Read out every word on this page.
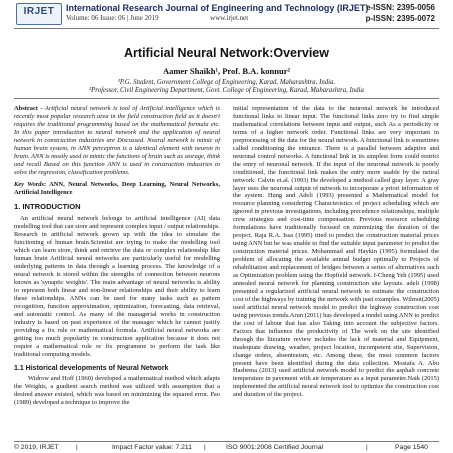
IRJET	International Research Journal of Engineering and Technology (IRJET)
Volume: 06 Issue: 06 | June 2019	www.irjet.net
e-ISSN: 2395-0056
p-ISSN: 2395-0072
Artificial Neural Network:Overview
Aamer Shaikh¹, Prof. B.A. konnur²
¹P.G. Student, Government College of Engineering, Karad, Maharashtra, India.
²Professor, Civil Engineering Department, Govt. College of Engineering, Karad, Maharashtra, India

Abstract - Artificial neural network is tool of Artificial intelligence which is recently most popular research area in the field construction field as it doesn't requires the traditional programming based on the mathematical formula etc. In this paper introduction to neural network and the application of neural network in construction industries are Discussed. Neural network is mimic of human brain system, in ANN perceptron is a identical element with neuron in brain. ANN is mostly used to mimic the functions of brain such as storage, think and recall Based on this function ANN is used in construction industries to solve the regression, classification problems.

Key Words: ANN, Neural Networks, Deep Learning, Neural Networks, Artificial Intelligence

1. INTRODUCTION

An artificial neural network belongs to artificial intelligence (AI) data modelling tool that can store and represent complex input / output relationships. Research in artificial network grown up with the idea to simulate the functioning of human brain.Scientist are trying to make the modelling tool which can learn store, think and retrieve the data or complex relationship like human brain Artificial neural networks are particularly useful for modelling underlying patterns in data through a learning process. The knowledge of a neural network is stored within the strengths of connection between neurons known as 'synaptic weights'. The main advantage of neural networks is ability to represent both linear and non-linear relationships and their ability to learn these relationships. ANNs can be used for many tasks such as pattern recognition, function approximation, optimization, forecasting, data retrieval, and automatic control. As many of the managerial works in construction industry is based on past experience of the manager which he cannot justify providing a fix rule or mathematical formula. Artificial neural networks are getting too much popularity in construction application because it does not require a mathematical rule or fix programme to perform the task like traditional computing models.

1.1 Historical developments of Neural Network

Widrow and Hoff (1960) developed a mathematical method which adapts the Weights, a gradient search method was utilized with assumption that a desired answer existed, which was based on minimizing the squared error. Pao (1989) developed a technique to improve the

initial representation of the data to the neuronal network he introduced functional links to linear input. The functional links zero try to find simple mathematical correlations between input and output, such As a periodicity or terms of a higher network order. Functional links are very important in preprocessing of the data for the neural network. A functional link is sometimes called conditioning the entrance. There is a parallel between adaptive and neuronal control networks. A functional link in its simplest form could restrict the entry of neuronal network. If the input of the neuronal network is poorly conditioned, the functional link makes the entry more usable by the neural network. Calvin et.al. (1993) He developed a method called gray layer. A gray layer uses the neuronal output of network to incorporate a priori information of the system. Hung and Adeli (1993) presented a Mathematical model for resource planning considering Characteristics of project scheduling which are ignored in previous investigations, including precedence relationships, multiple crew strategies and cost-time compensation. Previous resource scheduling formulations have traditionally focused on minimizing the duration of the project. Raja R.A. Issa (1995) tried to predict the construction material prices using ANN but he was unable to find the suitable input parameter to predict the construction material prices. Mohammad and Haykin (1995) formulated the problem of allocating the available annual budget optimally to Projects of rehabilitation and replacement of bridges between a series of alternatives such as Optimization problem using the Hopfield network. I-Cheng Yeh (1995) used annealed neural network for planning construction site layouts. adeli (1998) presented a regularized artificial neural network to estimate the construction cost of the highways by training the network with past examples. Wilmot(2005) used artificial neural network model to predict the highway construction cost using previous trends.Arun (2011) has developed a model using ANN to predict the cost of labour that has also Taking into account the subjective factors. Factors that influence the productivity of The work on the site identified through the literature review includes the lack of material and Equipment, inadequate drawing, weather, project location, incompetent site, Supervision, change orders, absenteeism, etc. Among these, the most common factors present have been identified during the data collection. Mostafa A. Abu Hashema (2013) used artificial network model to predict the asphalt concrete temperature in pavement with air temperature as a input parameter.Naik (2015) implemented the artificial neural network tool to optimize the construction cost and duration of the project.

© 2019, IRJET	|	Impact Factor value: 7.211 |	ISO 9001:2008 Certified Journal	|	Page 1540
